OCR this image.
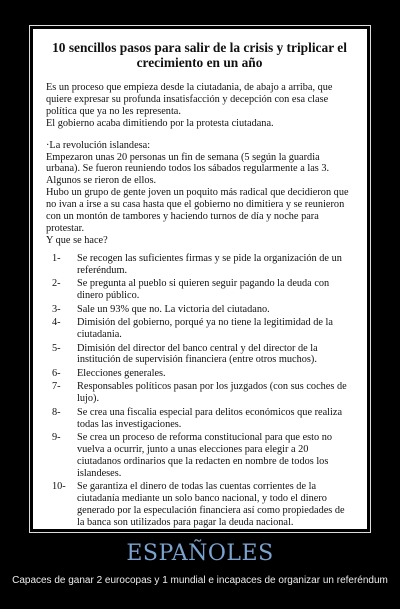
10 sencillos pasos para salir de la crisis y triplicar el crecimiento en un año
Es un proceso que empieza desde la ciutadania, de abajo a arriba, que quiere expresar su profunda insatisfacción y decepción con esa clase política que ya no les representa.
El gobierno acaba dimitiendo por la protesta ciutadana.
·La revolución islandesa:
Empezaron unas 20 personas un fin de semana (5 según la guardia urbana). Se fueron reuniendo todos los sábados regularmente a las 3. Algunos se rieron de ellos.
Hubo un grupo de gente joven un poquito más radical que decidieron que no ivan a irse a su casa hasta que el gobierno no dimitiera y se reunieron con un montón de tambores y haciendo turnos de día y noche para protestar.
Y que se hace?
1- Se recogen las suficientes firmas y se pide la organización de un referéndum.
2- Se pregunta al pueblo si quieren seguir pagando la deuda con dinero público.
3- Sale un 93% que no. La victoria del ciutadano.
4- Dimisión del gobierno, porqué ya no tiene la legitimidad de la ciutadania.
5- Dimisión del director del banco central y del director de la institución de supervisión financiera (entre otros muchos).
6- Elecciones generales.
7- Responsables políticos pasan por los juzgados (con sus coches de lujo).
8- Se crea una fiscalia especial para delitos económicos que realiza todas las investigaciones.
9- Se crea un proceso de reforma constitucional para que esto no vuelva a ocurrir, junto a unas elecciones para elegir a 20 ciutadanos ordinarios que la redacten en nombre de todos los islandeses.
10- Se garantiza el dinero de todas las cuentas corrientes de la ciutadanía mediante un solo banco nacional, y todo el dinero generado por la especulación financiera así como propiedades de la banca son utilizados para pagar la deuda nacional.
ESPAÑOLES
Capaces de ganar 2 eurocopas y 1 mundial e incapaces de organizar un referéndum
